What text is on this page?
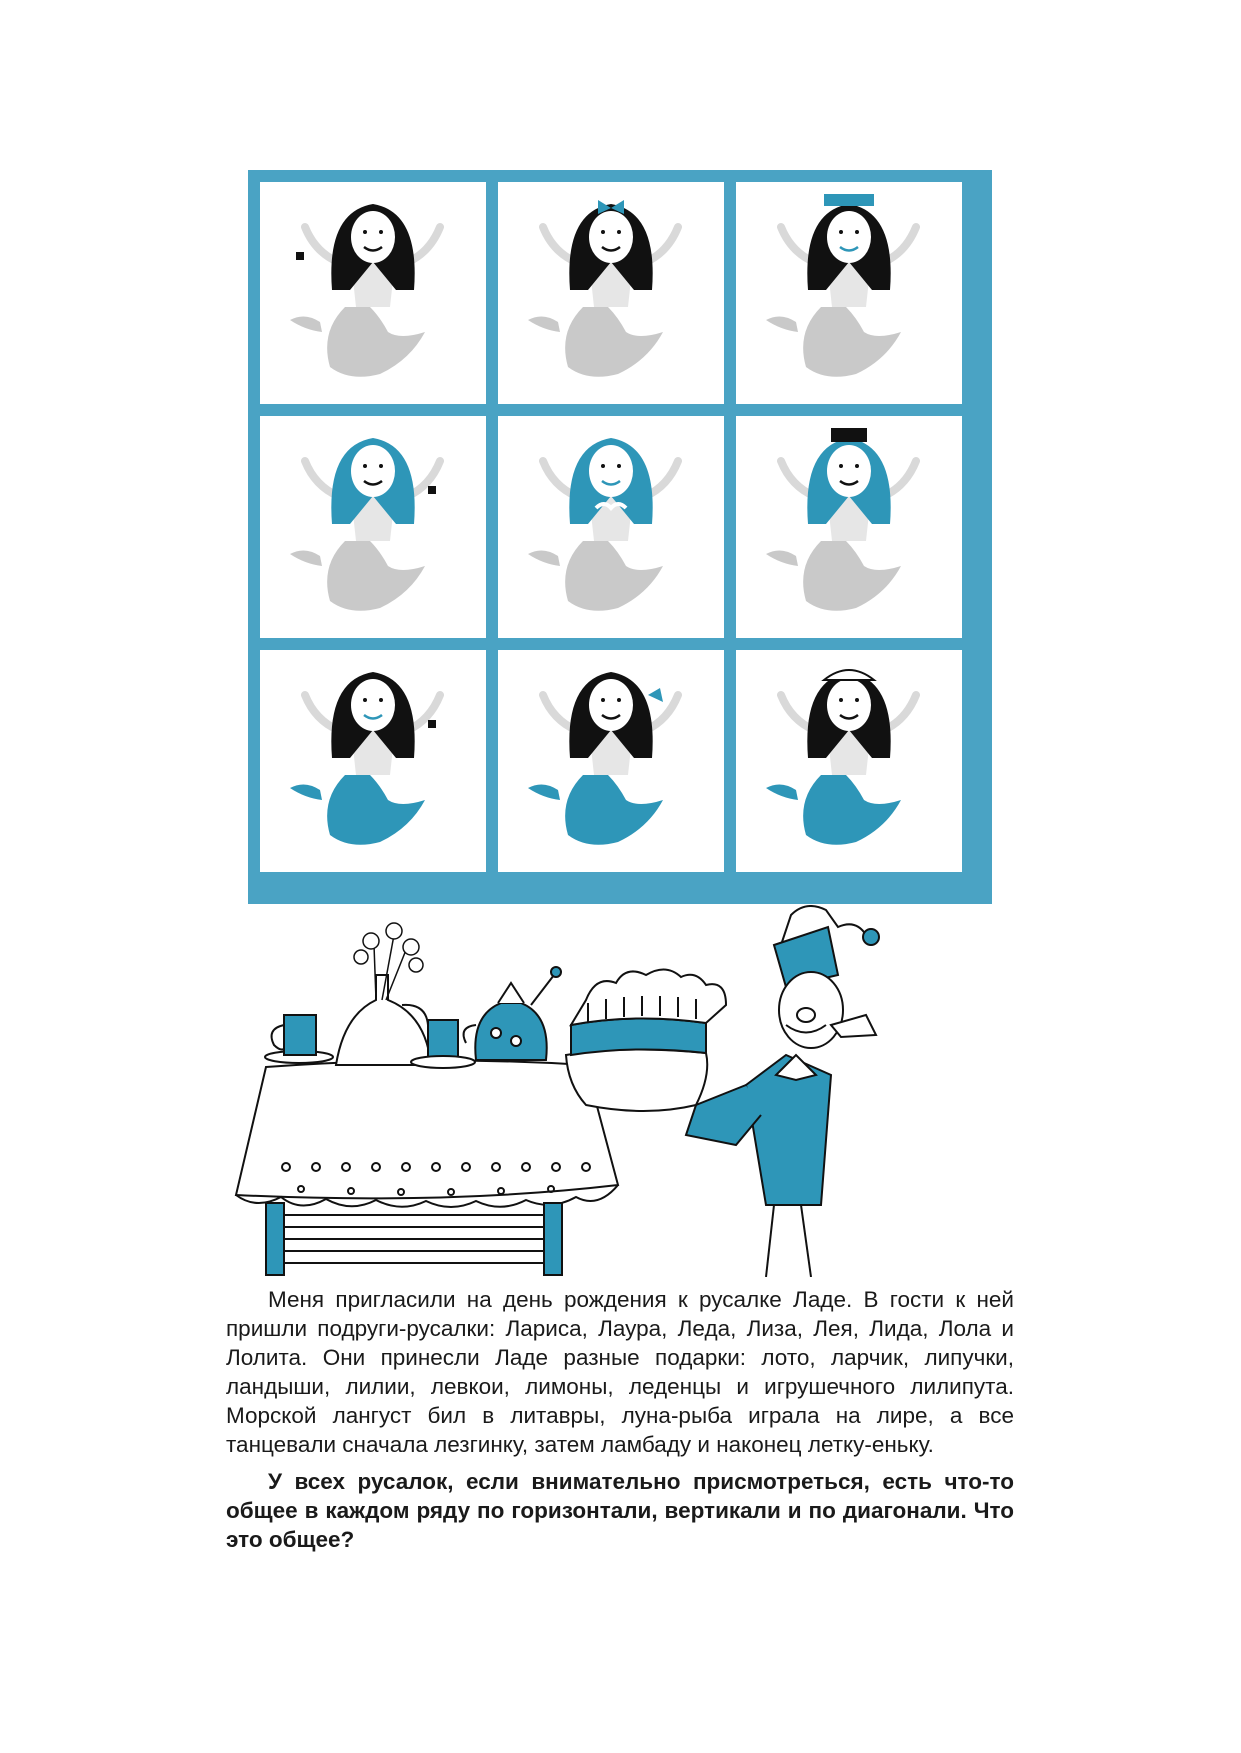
Меня пригласили на день рождения к русалке Ладе. В гости к ней пришли подруги-русалки: Лариса, Лаура, Леда, Лиза, Лея, Лида, Лола и Лолита. Они принесли Ладе разные подарки: лото, ларчик, липучки, ландыши, лилии, левкои, лимоны, леденцы и игрушечного лилипута. Морской лангуст бил в литавры, луна-рыба играла на лире, а все танцевали сначала лезгинку, затем ламбаду и наконец летку-еньку.

У всех русалок, если внимательно присмотреться, есть что-то общее в каждом ряду по горизонтали, вертикали и по диагонали. Что это общее?
